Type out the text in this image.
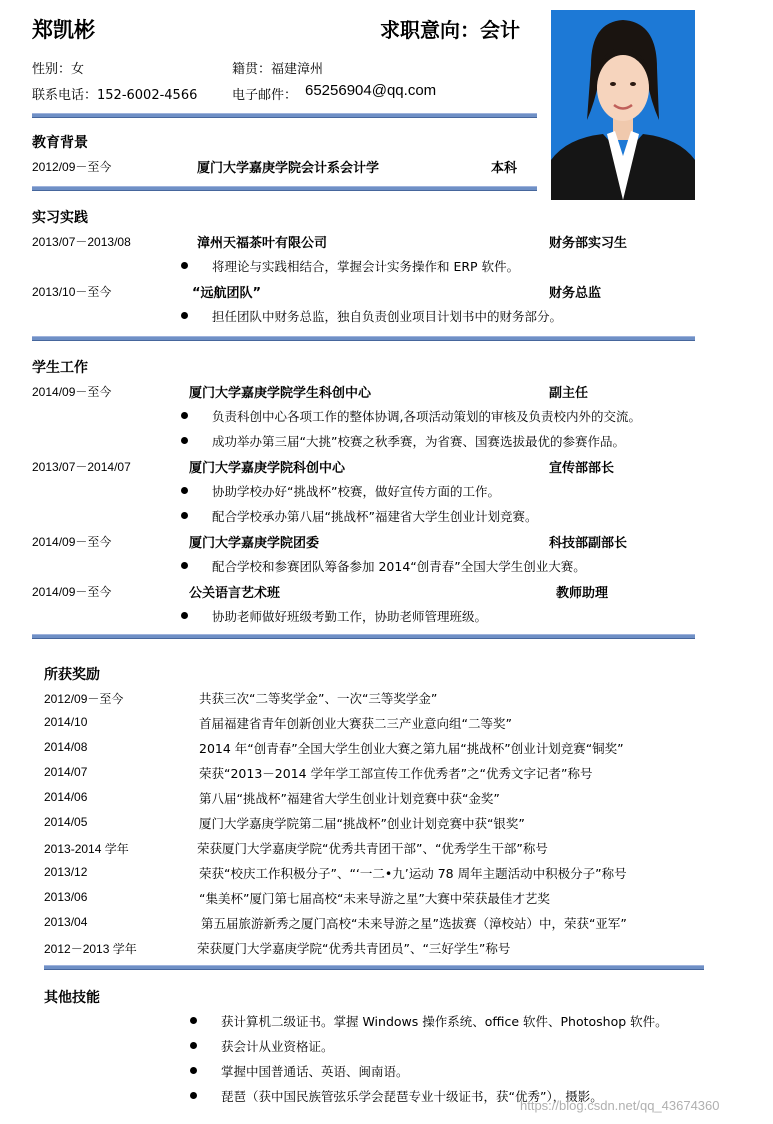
郑凯彬	求职意向：会计
性别：女	籍贯：福建漳州
联系电话：152-6002-4566	电子邮件： 65256904@qq.com
教育背景
2012/09－至今	厦门大学嘉庚学院会计系会计学	本科
实习实践
2013/07－2013/08	漳州天福茶叶有限公司	财务部实习生
将理论与实践相结合，掌握会计实务操作和 ERP 软件。
2013/10－至今	“远航团队”	财务总监
担任团队中财务总监，独自负责创业项目计划书中的财务部分。
学生工作
2014/09－至今	厦门大学嘉庚学院学生科创中心	副主任
负责科创中心各项工作的整体协调,各项活动策划的审核及负责校内外的交流。
成功举办第三届“大挑”校赛之秋季赛，为省赛、国赛选拔最优的参赛作品。
2013/07－2014/07	厦门大学嘉庚学院科创中心	宣传部部长
协助学校办好“挑战杯”校赛，做好宣传方面的工作。
配合学校承办第八届“挑战杯”福建省大学生创业计划竞赛。
2014/09－至今	厦门大学嘉庚学院团委	科技部副部长
配合学校和参赛团队筹备参加 2014“创青春”全国大学生创业大赛。
2014/09－至今	公关语言艺术班	教师助理
协助老师做好班级考勤工作，协助老师管理班级。
所获奖励
2012/09－至今	共获三次“二等奖学金”、一次“三等奖学金”
2014/10	首届福建省青年创新创业大赛获二三产业意向组“二等奖”
2014/08	2014 年“创青春”全国大学生创业大赛之第九届“挑战杯”创业计划竞赛“铜奖”
2014/07	荣获“2013－2014 学年学工部宣传工作优秀者”之“优秀文字记者”称号
2014/06	第八届“挑战杯”福建省大学生创业计划竞赛中获“金奖”
2014/05	厦门大学嘉庚学院第二届“挑战杯”创业计划竞赛中获“银奖”
2013-2014 学年	荣获厦门大学嘉庚学院“优秀共青团干部”、“优秀学生干部”称号
2013/12	荣获“校庆工作积极分子”、“‘一二•九’运动 78 周年主题活动中积极分子”称号
2013/06	“集美杯”厦门第七届高校“未来导游之星”大赛中荣获最佳才艺奖
2013/04	第五届旅游新秀之厦门高校“未来导游之星”选拔赛（漳校站）中，荣获“亚军”
2012－2013 学年	荣获厦门大学嘉庚学院“优秀共青团员”、“三好学生”称号
其他技能
获计算机二级证书。掌握 Windows 操作系统、office 软件、Photoshop 软件。
获会计从业资格证。
掌握中国普通话、英语、闽南语。
琵琶（获中国民族管弦乐学会琵琶专业十级证书，获“优秀”），摄影。
https://blog.csdn.net/qq_43674360
